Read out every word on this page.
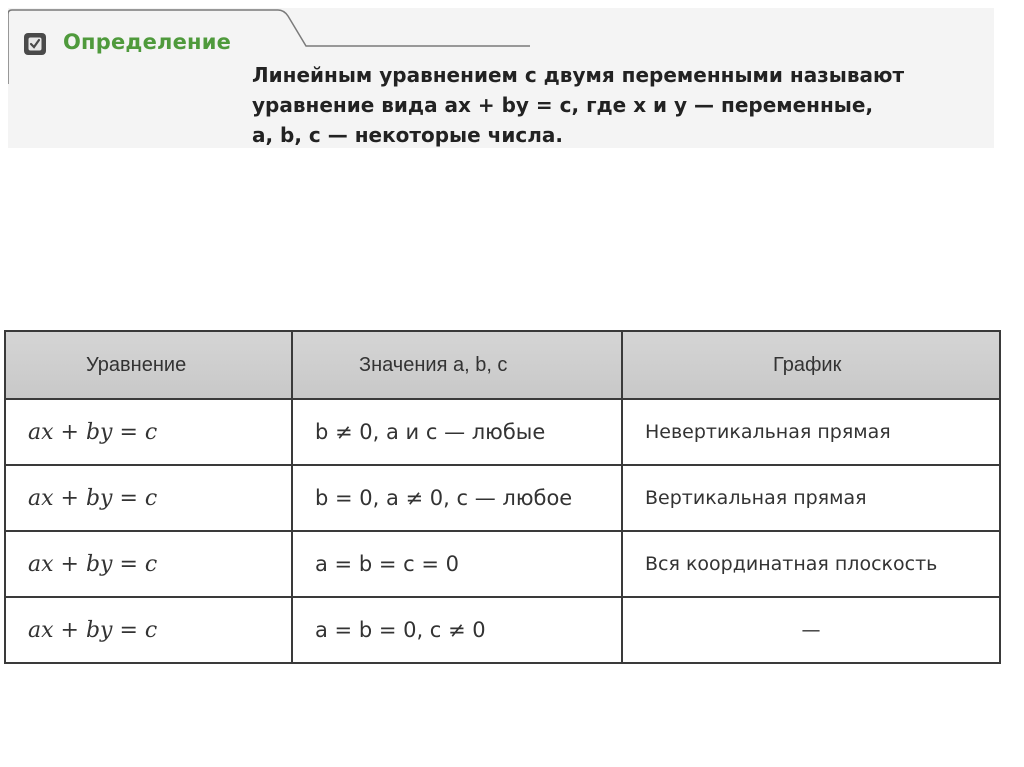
Определение
Линейным уравнением с двумя переменными называют
уравнение вида ax + by = c, где x и y — переменные,
a, b, c — некоторые числа.
Уравнение	Значения a, b, c	График
ax + by = c	b ≠ 0, a и c — любые	Невертикальная прямая
ax + by = c	b = 0, a ≠ 0, c — любое	Вертикальная прямая
ax + by = c	a = b = c = 0	Вся координатная плоскость
ax + by = c	a = b = 0, c ≠ 0	—
